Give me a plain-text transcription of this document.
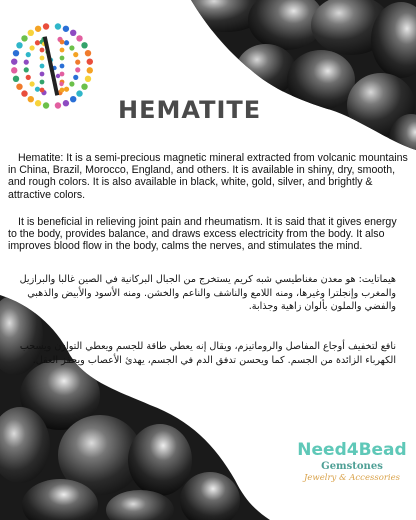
HEMATITE

Hematite: It is a semi-precious magnetic mineral extracted from volcanic mountains in China, Brazil, Morocco, England, and others. It is available in shiny, dry, smooth, and rough colors. It is also available in black, white, gold, silver, and brightly & attractive colors.

It is beneficial in relieving joint pain and rheumatism. It is said that it gives energy to the body, provides balance, and draws excess electricity from the body. It also improves blood flow in the body, calms the nerves, and stimulates the mind.

هيماتايت: هو معدن مغناطيسي شبه كريم يستخرج من الجبال البركانية في الصين غالبا والبرازيل والمغرب وإنجلترا وغيرها، ومنه اللامع والناشف والناعم والخشن. ومنه الأسود والأبيض والذهبي والفضي والملون بألوان زاهية وجذابة.

نافع لتخفيف أوجاع المفاصل والروماتيزم، ويقال إنه يعطي طاقة للجسم ويعطي التوازن ويسحب الكهرباء الزائدة من الجسم. كما ويحسن تدفق الدم في الجسم، يهدئ الأعصاب ويحفز العقل.

Need4Bead
Gemstones
Jewelry & Accessories
